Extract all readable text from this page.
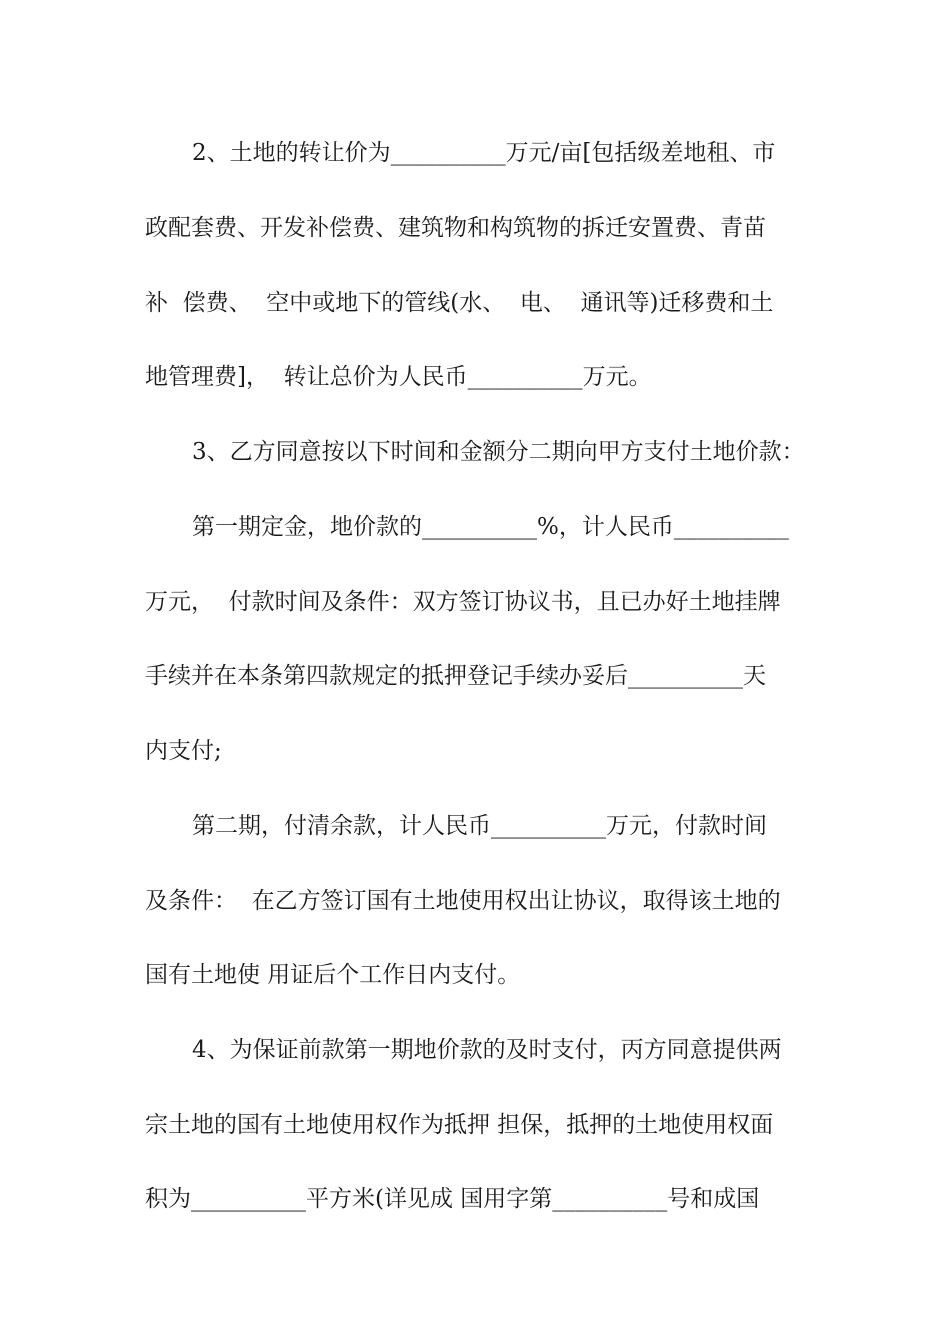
2、土地的转让价为__________万元/亩[包括级差地租、市
政配套费、开发补偿费、建筑物和构筑物的拆迁安置费、青苗
补  偿费、  空中或地下的管线(水、  电、  通讯等)迁移费和土
地管理费]，  转让总价为人民币__________万元。
3、乙方同意按以下时间和金额分二期向甲方支付土地价款：
第一期定金，地价款的__________%，计人民币__________
万元，  付款时间及条件：双方签订协议书，且已办好土地挂牌
手续并在本条第四款规定的抵押登记手续办妥后__________天
内支付;
第二期，付清余款，计人民币__________万元，付款时间
及条件：  在乙方签订国有土地使用权出让协议，取得该土地的
国有土地使 用证后个工作日内支付。
4、为保证前款第一期地价款的及时支付，丙方同意提供两
宗土地的国有土地使用权作为抵押 担保，抵押的土地使用权面
积为__________平方米(详见成 国用字第__________号和成国
